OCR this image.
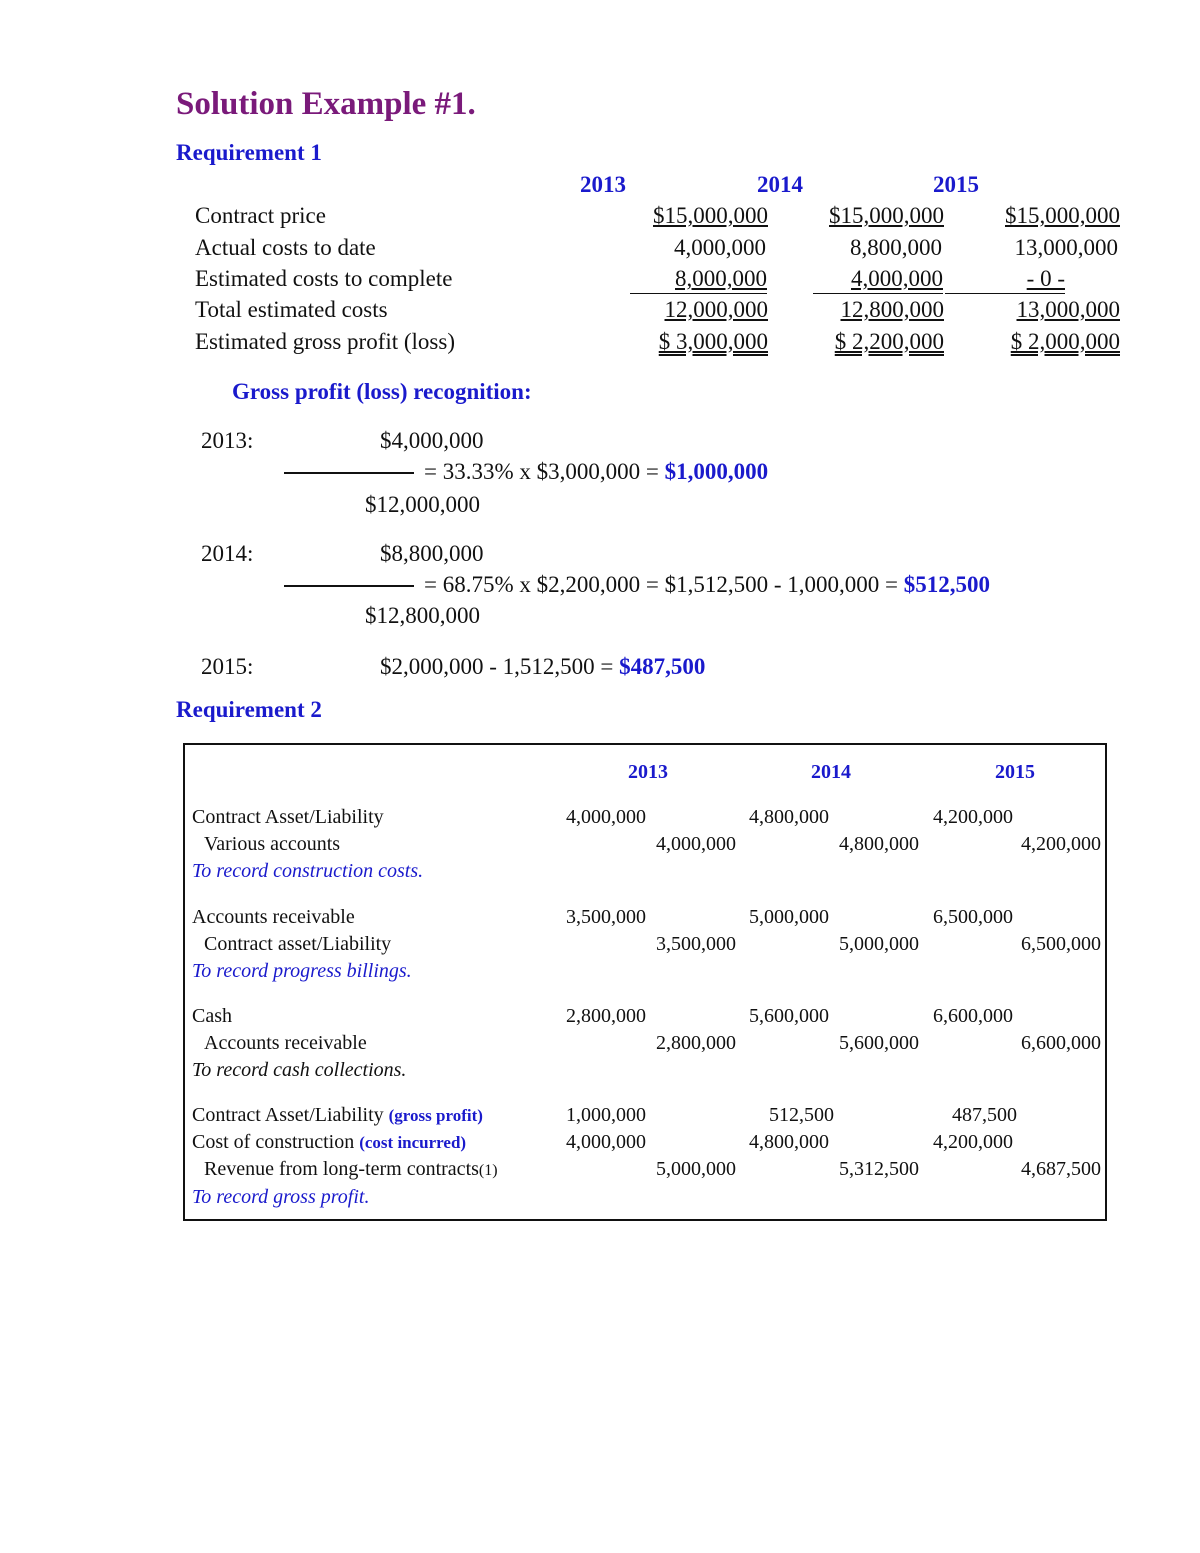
Solution Example #1.
Requirement 1
2013	2014	2015
Contract price	$15,000,000	$15,000,000	$15,000,000
Actual costs to date	4,000,000	8,800,000	13,000,000
Estimated costs to complete	8,000,000	4,000,000	- 0 -
Total estimated costs	12,000,000	12,800,000	13,000,000
Estimated gross profit (loss)	$ 3,000,000	$ 2,200,000	$ 2,000,000
Gross profit (loss) recognition:
2013:	$4,000,000
= 33.33% x $3,000,000 = $1,000,000
$12,000,000
2014:	$8,800,000
= 68.75% x $2,200,000 = $1,512,500 - 1,000,000 = $512,500
$12,800,000
2015:	$2,000,000 - 1,512,500 = $487,500
Requirement 2
2013	2014	2015
Contract Asset/Liability	4,000,000	4,800,000	4,200,000
Various accounts	4,000,000	4,800,000	4,200,000
To record construction costs.
Accounts receivable	3,500,000	5,000,000	6,500,000
Contract asset/Liability	3,500,000	5,000,000	6,500,000
To record progress billings.
Cash	2,800,000	5,600,000	6,600,000
Accounts receivable	2,800,000	5,600,000	6,600,000
To record cash collections.
Contract Asset/Liability (gross profit)	1,000,000	512,500	487,500
Cost of construction (cost incurred)	4,000,000	4,800,000	4,200,000
Revenue from long-term contracts(1)	5,000,000	5,312,500	4,687,500
To record gross profit.
